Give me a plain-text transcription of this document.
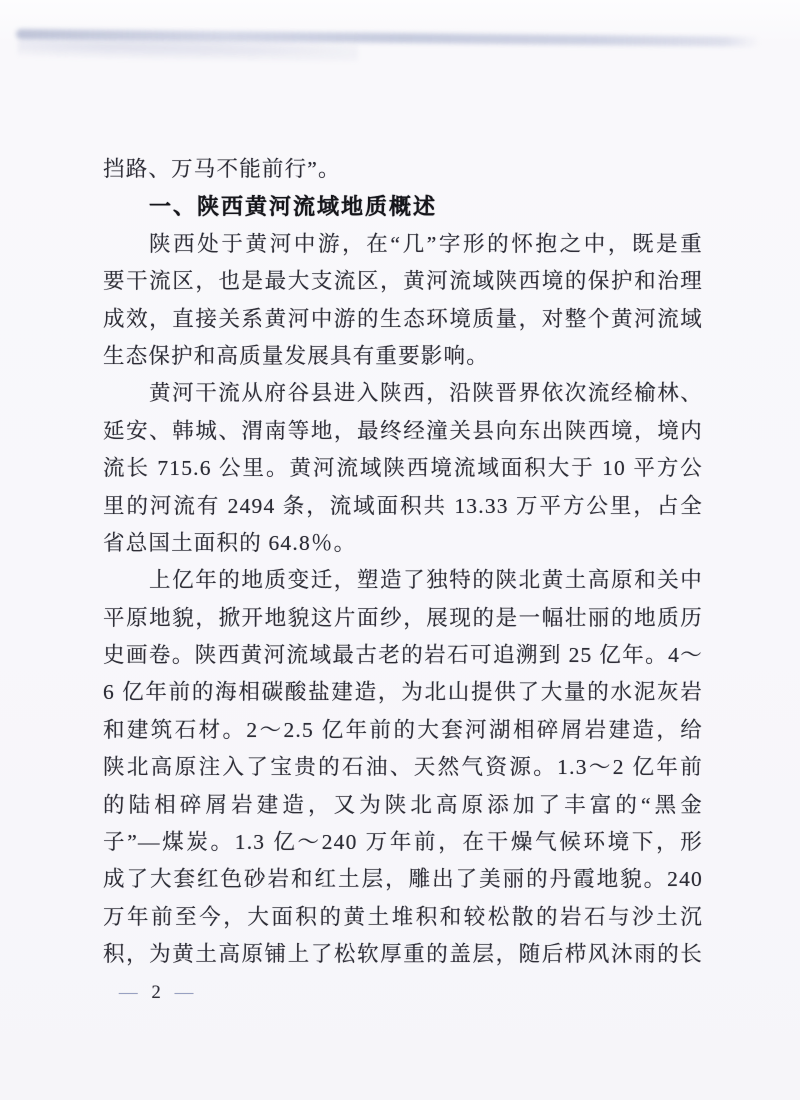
挡路、万马不能前行”。
一、陕西黄河流域地质概述
陕西处于黄河中游，在“几”字形的怀抱之中，既是重
要干流区，也是最大支流区，黄河流域陕西境的保护和治理
成效，直接关系黄河中游的生态环境质量，对整个黄河流域
生态保护和高质量发展具有重要影响。
黄河干流从府谷县进入陕西，沿陕晋界依次流经榆林、
延安、韩城、渭南等地，最终经潼关县向东出陕西境，境内
流长 715.6 公里。黄河流域陕西境流域面积大于 10 平方公
里的河流有 2494 条，流域面积共 13.33 万平方公里，占全
省总国土面积的 64.8％。
上亿年的地质变迁，塑造了独特的陕北黄土高原和关中
平原地貌，掀开地貌这片面纱，展现的是一幅壮丽的地质历
史画卷。陕西黄河流域最古老的岩石可追溯到 25 亿年。4～
6 亿年前的海相碳酸盐建造，为北山提供了大量的水泥灰岩
和建筑石材。2～2.5 亿年前的大套河湖相碎屑岩建造，给
陕北高原注入了宝贵的石油、天然气资源。1.3～2 亿年前
的陆相碎屑岩建造，又为陕北高原添加了丰富的“黑金
子”—煤炭。1.3 亿～240 万年前，在干燥气候环境下，形
成了大套红色砂岩和红土层，雕出了美丽的丹霞地貌。240
万年前至今，大面积的黄土堆积和较松散的岩石与沙土沉
积，为黄土高原铺上了松软厚重的盖层，随后栉风沐雨的长
— 2 —
